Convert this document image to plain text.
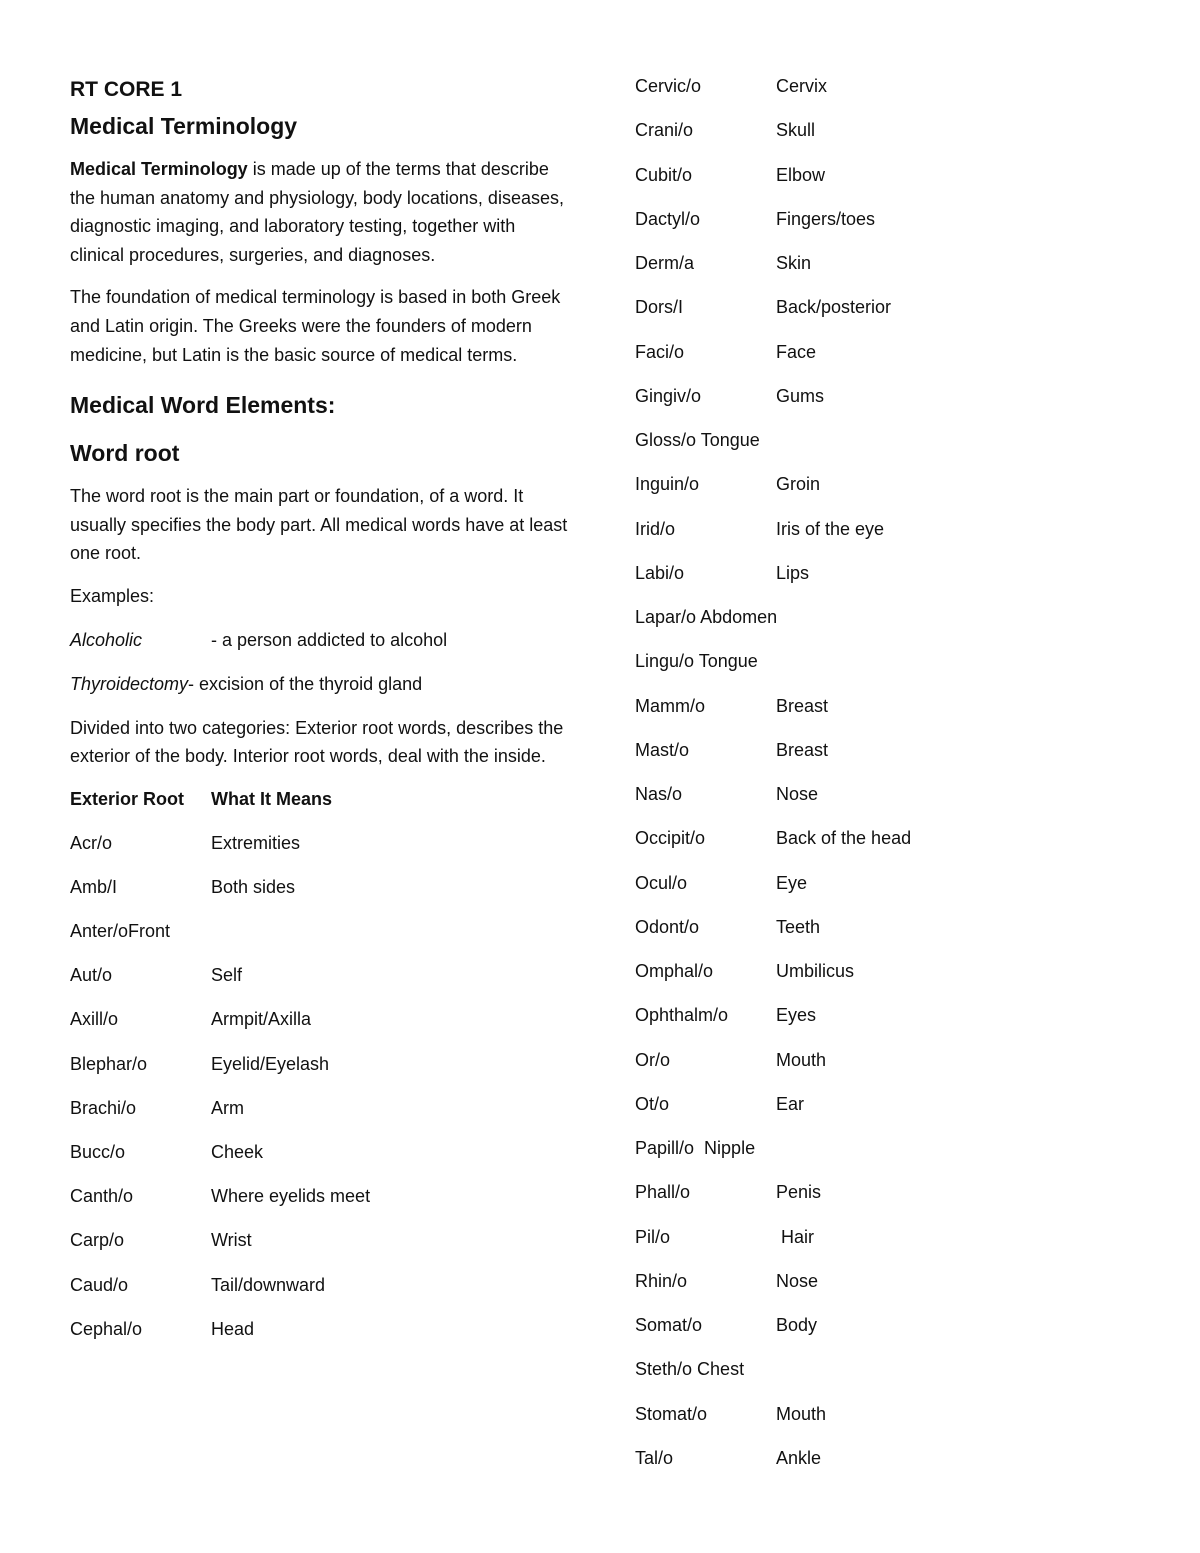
RT CORE 1
Medical Terminology

Medical Terminology is made up of the terms that describe the human anatomy and physiology, body locations, diseases, diagnostic imaging, and laboratory testing, together with clinical procedures, surgeries, and diagnoses.

The foundation of medical terminology is based in both Greek and Latin origin. The Greeks were the founders of modern medicine, but Latin is the basic source of medical terms.

Medical Word Elements:
Word root

The word root is the main part or foundation, of a word. It usually specifies the body part. All medical words have at least one root.

Examples:

Alcoholic	- a person addicted to alcohol
Thyroidectomy - excision of the thyroid gland

Divided into two categories: Exterior root words, describes the exterior of the body. Interior root words, deal with the inside.

Exterior Root	What It Means
Acr/o	Extremities
Amb/I	Both sides
Anter/o Front
Aut/o	Self
Axill/o	Armpit/Axilla
Blephar/o	Eyelid/Eyelash
Brachi/o	Arm
Bucc/o	Cheek
Canth/o	Where eyelids meet
Carp/o	Wrist
Caud/o	Tail/downward
Cephal/o	Head
Cervic/o	Cervix
Crani/o	Skull
Cubit/o	Elbow
Dactyl/o	Fingers/toes
Derm/a	Skin
Dors/I	Back/posterior
Faci/o	Face
Gingiv/o	Gums
Gloss/o Tongue
Inguin/o	Groin
Irid/o	Iris of the eye
Labi/o	Lips
Lapar/o Abdomen
Lingu/o Tongue
Mamm/o	Breast
Mast/o	Breast
Nas/o	Nose
Occipit/o	Back of the head
Ocul/o	Eye
Odont/o	Teeth
Omphal/o	Umbilicus
Ophthalm/o	Eyes
Or/o	Mouth
Ot/o	Ear
Papill/o Nipple
Phall/o	Penis
Pil/o	Hair
Rhin/o	Nose
Somat/o	Body
Steth/o Chest
Stomat/o	Mouth
Tal/o	Ankle
